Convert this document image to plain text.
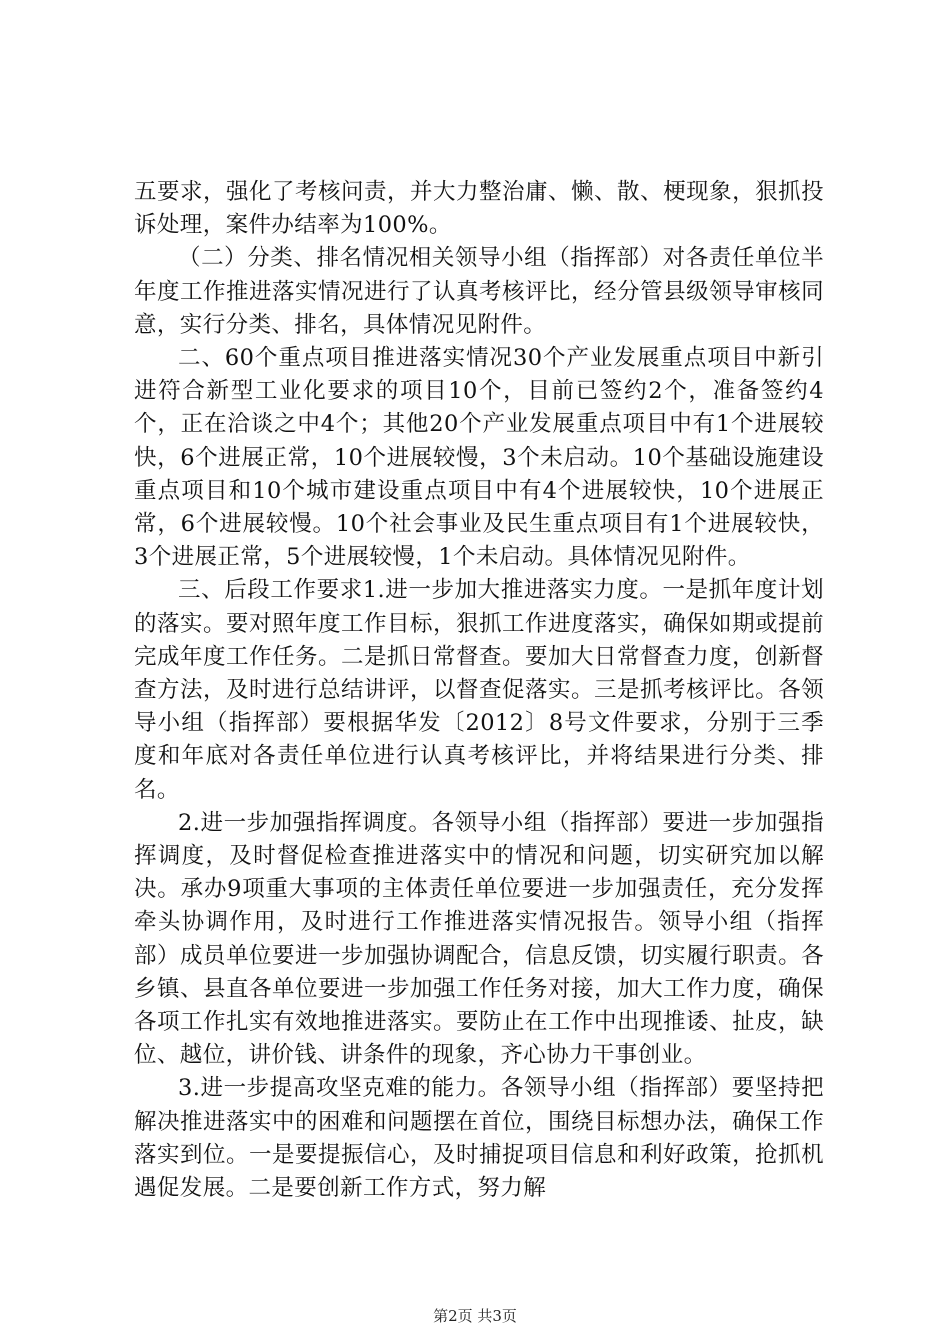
五要求，强化了考核问责，并大力整治庸、懒、散、梗现象，狠抓投诉处理，案件办结率为100%。

（二）分类、排名情况相关领导小组（指挥部）对各责任单位半年度工作推进落实情况进行了认真考核评比，经分管县级领导审核同意，实行分类、排名，具体情况见附件。

二、60个重点项目推进落实情况30个产业发展重点项目中新引进符合新型工业化要求的项目10个，目前已签约2个，准备签约4个，正在洽谈之中4个；其他20个产业发展重点项目中有1个进展较快，6个进展正常，10个进展较慢，3个未启动。10个基础设施建设重点项目和10个城市建设重点项目中有4个进展较快，10个进展正常，6个进展较慢。10个社会事业及民生重点项目有1个进展较快，3个进展正常，5个进展较慢，1个未启动。具体情况见附件。

三、后段工作要求1.进一步加大推进落实力度。一是抓年度计划的落实。要对照年度工作目标，狠抓工作进度落实，确保如期或提前完成年度工作任务。二是抓日常督查。要加大日常督查力度，创新督查方法，及时进行总结讲评，以督查促落实。三是抓考核评比。各领导小组（指挥部）要根据华发〔2012〕8号文件要求，分别于三季度和年底对各责任单位进行认真考核评比，并将结果进行分类、排名。

2.进一步加强指挥调度。各领导小组（指挥部）要进一步加强指挥调度，及时督促检查推进落实中的情况和问题，切实研究加以解决。承办9项重大事项的主体责任单位要进一步加强责任，充分发挥牵头协调作用，及时进行工作推进落实情况报告。领导小组（指挥部）成员单位要进一步加强协调配合，信息反馈，切实履行职责。各乡镇、县直各单位要进一步加强工作任务对接，加大工作力度，确保各项工作扎实有效地推进落实。要防止在工作中出现推诿、扯皮，缺位、越位，讲价钱、讲条件的现象，齐心协力干事创业。

3.进一步提高攻坚克难的能力。各领导小组（指挥部）要坚持把解决推进落实中的困难和问题摆在首位，围绕目标想办法，确保工作落实到位。一是要提振信心，及时捕捉项目信息和利好政策，抢抓机遇促发展。二是要创新工作方式，努力解

第2页 共3页
